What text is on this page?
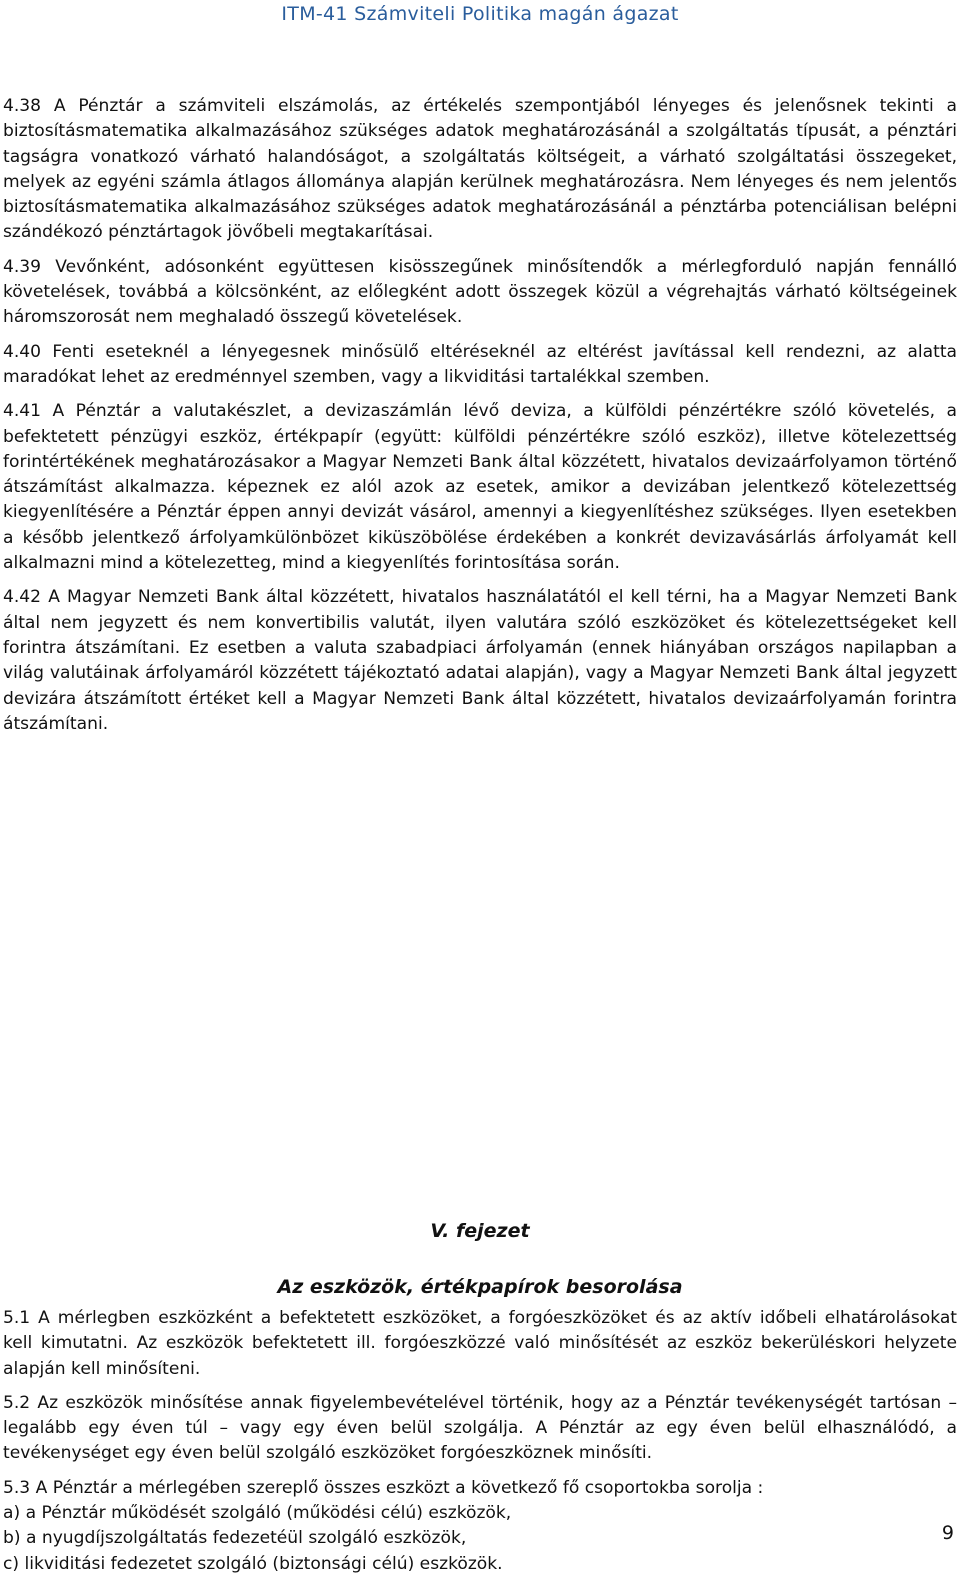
ITM-41 Számviteli Politika magán ágazat

4.38 A Pénztár a számviteli elszámolás, az értékelés szempontjából lényeges és jelenősnek tekinti a biztosításmatematika alkalmazásához szükséges adatok meghatározásánál a szolgáltatás típusát, a pénztári tagságra vonatkozó várható halandóságot, a szolgáltatás költségeit, a várható szolgáltatási összegeket, melyek az egyéni számla átlagos állománya alapján kerülnek meghatározásra. Nem lényeges és nem jelentős biztosításmatematika alkalmazásához szükséges adatok meghatározásánál a pénztárba potenciálisan belépni szándékozó pénztártagok jövőbeli megtakarításai.

4.39 Vevőnként, adósonként együttesen kisösszegűnek minősítendők a mérlegforduló napján fennálló követelések, továbbá a kölcsönként, az előlegként adott összegek közül a végrehajtás várható költségeinek háromszorosát nem meghaladó összegű követelések.

4.40 Fenti eseteknél a lényegesnek minősülő eltéréseknél az eltérést javítással kell rendezni, az alatta maradókat lehet az eredménnyel szemben, vagy a likviditási tartalékkal szemben.

4.41 A Pénztár a valutakészlet, a devizaszámlán lévő deviza, a külföldi pénzértékre szóló követelés, a befektetett pénzügyi eszköz, értékpapír (együtt: külföldi pénzértékre szóló eszköz), illetve kötelezettség forintértékének meghatározásakor a Magyar Nemzeti Bank által közzétett, hivatalos devizaárfolyamon történő átszámítást alkalmazza. képeznek ez alól azok az esetek, amikor a devizában jelentkező kötelezettség kiegyenlítésére a Pénztár éppen annyi devizát vásárol, amennyi a kiegyenlítéshez szükséges. Ilyen esetekben a később jelentkező árfolyamkülönbözet kiküszöbölése érdekében a konkrét devizavásárlás árfolyamát kell alkalmazni mind a kötelezetteg, mind a kiegyenlítés forintosítása során.

4.42 A Magyar Nemzeti Bank által közzétett, hivatalos használatától el kell térni, ha a Magyar Nemzeti Bank által nem jegyzett és nem konvertibilis valutát, ilyen valutára szóló eszközöket és kötelezettségeket kell forintra átszámítani. Ez esetben a valuta szabadpiaci árfolyamán (ennek hiányában országos napilapban a világ valutáinak árfolyamáról közzétett tájékoztató adatai alapján), vagy a Magyar Nemzeti Bank által jegyzett devizára átszámított értéket kell a Magyar Nemzeti Bank által közzétett, hivatalos devizaárfolyamán forintra átszámítani.

V. fejezet
Az eszközök, értékpapírok besorolása

5.1 A mérlegben eszközként a befektetett eszközöket, a forgóeszközöket és az aktív időbeli elhatárolásokat kell kimutatni. Az eszközök befektetett ill. forgóeszközzé való minősítését az eszköz bekerüléskori helyzete alapján kell minősíteni.

5.2 Az eszközök minősítése annak figyelembevételével történik, hogy az a Pénztár tevékenységét tartósan – legalább egy éven túl – vagy egy éven belül szolgálja. A Pénztár az egy éven belül elhasználódó, a tevékenységet egy éven belül szolgáló eszközöket forgóeszköznek minősíti.

5.3 A Pénztár a mérlegében szereplő összes eszközt a következő fő csoportokba sorolja :

a) a Pénztár működését szolgáló (működési célú) eszközök,

b) a nyugdíjszolgáltatás fedezetéül szolgáló eszközök,

c) likviditási fedezetet szolgáló (biztonsági célú) eszközök.

9
